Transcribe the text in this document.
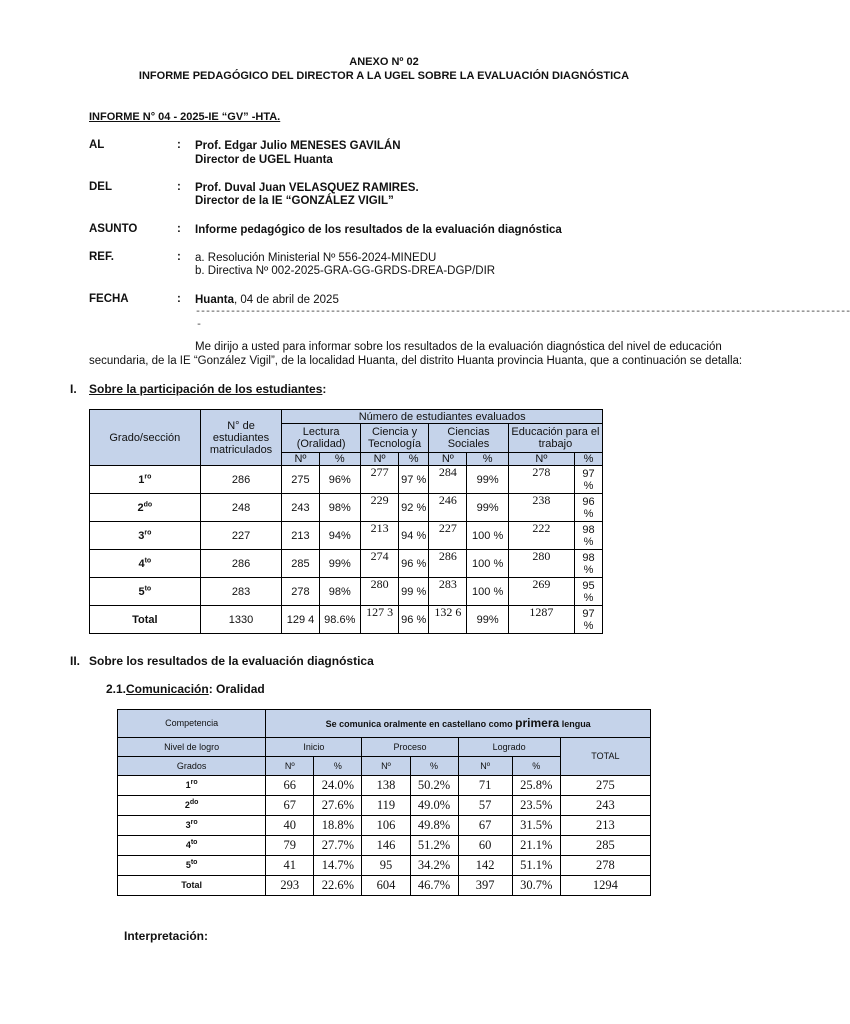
ANEXO Nº 02
INFORME PEDAGÓGICO DEL DIRECTOR A LA UGEL SOBRE LA EVALUACIÓN DIAGNÓSTICA
INFORME N° 04 - 2025-IE “GV” -HTA.
AL	: Prof. Edgar Julio MENESES GAVILÁN
Director de UGEL Huanta
DEL	: Prof. Duval Juan VELASQUEZ RAMIRES.
Director de la IE “GONZÁLEZ VIGIL”
ASUNTO	: Informe pedagógico de los resultados de la evaluación diagnóstica
REF.	: a. Resolución Ministerial Nº 556-2024-MINEDU
b. Directiva Nº 002-2025-GRA-GG-GRDS-DREA-DGP/DIR
FECHA	: Huanta, 04 de abril de 2025
-----------------------------------------------------------------------------------------------------------------------------------
-
Me dirijo a usted para informar sobre los resultados de la evaluación diagnóstica del nivel de educación
secundaria, de la IE “González Vigil”, de la localidad Huanta, del distrito Huanta provincia Huanta, que a continuación se detalla:
I. Sobre la participación de los estudiantes:
Grado/sección	N° de estudiantes matriculados	Número de estudiantes evaluados							
		Lectura (Oralidad)		Ciencia y Tecnología		Ciencias Sociales		Educación para el trabajo	
		Nº	%	Nº	%	Nº	%	Nº	%
$1^{ro}$	286	275	96%	277	97 %	284	99%	278	97 %
$2^{do}$	248	243	98%	229	92 %	246	99%	238	96 %
$3^{ro}$	227	213	94%	213	94 %	227	100 %	222	98 %
$4^{to}$	286	285	99%	274	96 %	286	100 %	280	98 %
$5^{to}$	283	278	98%	280	99 %	283	100 %	269	95 %
Total	1330	129 4	98.6%	127 3	96 %	132 6	99%	1287	97 %
II. Sobre los resultados de la evaluación diagnóstica
2.1.Comunicación: Oralidad
Competencia	Se comunica oralmente en castellano como primera lengua						
Nivel de logro	Inicio		Proceso		Logrado		TOTAL
Grados	Nº	%	Nº	%	Nº	%	
$1^{ro}$	66	24.0%	138	50.2%	71	25.8%	275
$2^{do}$	67	27.6%	119	49.0%	57	23.5%	243
$3^{ro}$	40	18.8%	106	49.8%	67	31.5%	213
$4^{to}$	79	27.7%	146	51.2%	60	21.1%	285
$5^{to}$	41	14.7%	95	34.2%	142	51.1%	278
Total	293	22.6%	604	46.7%	397	30.7%	1294
Interpretación:
